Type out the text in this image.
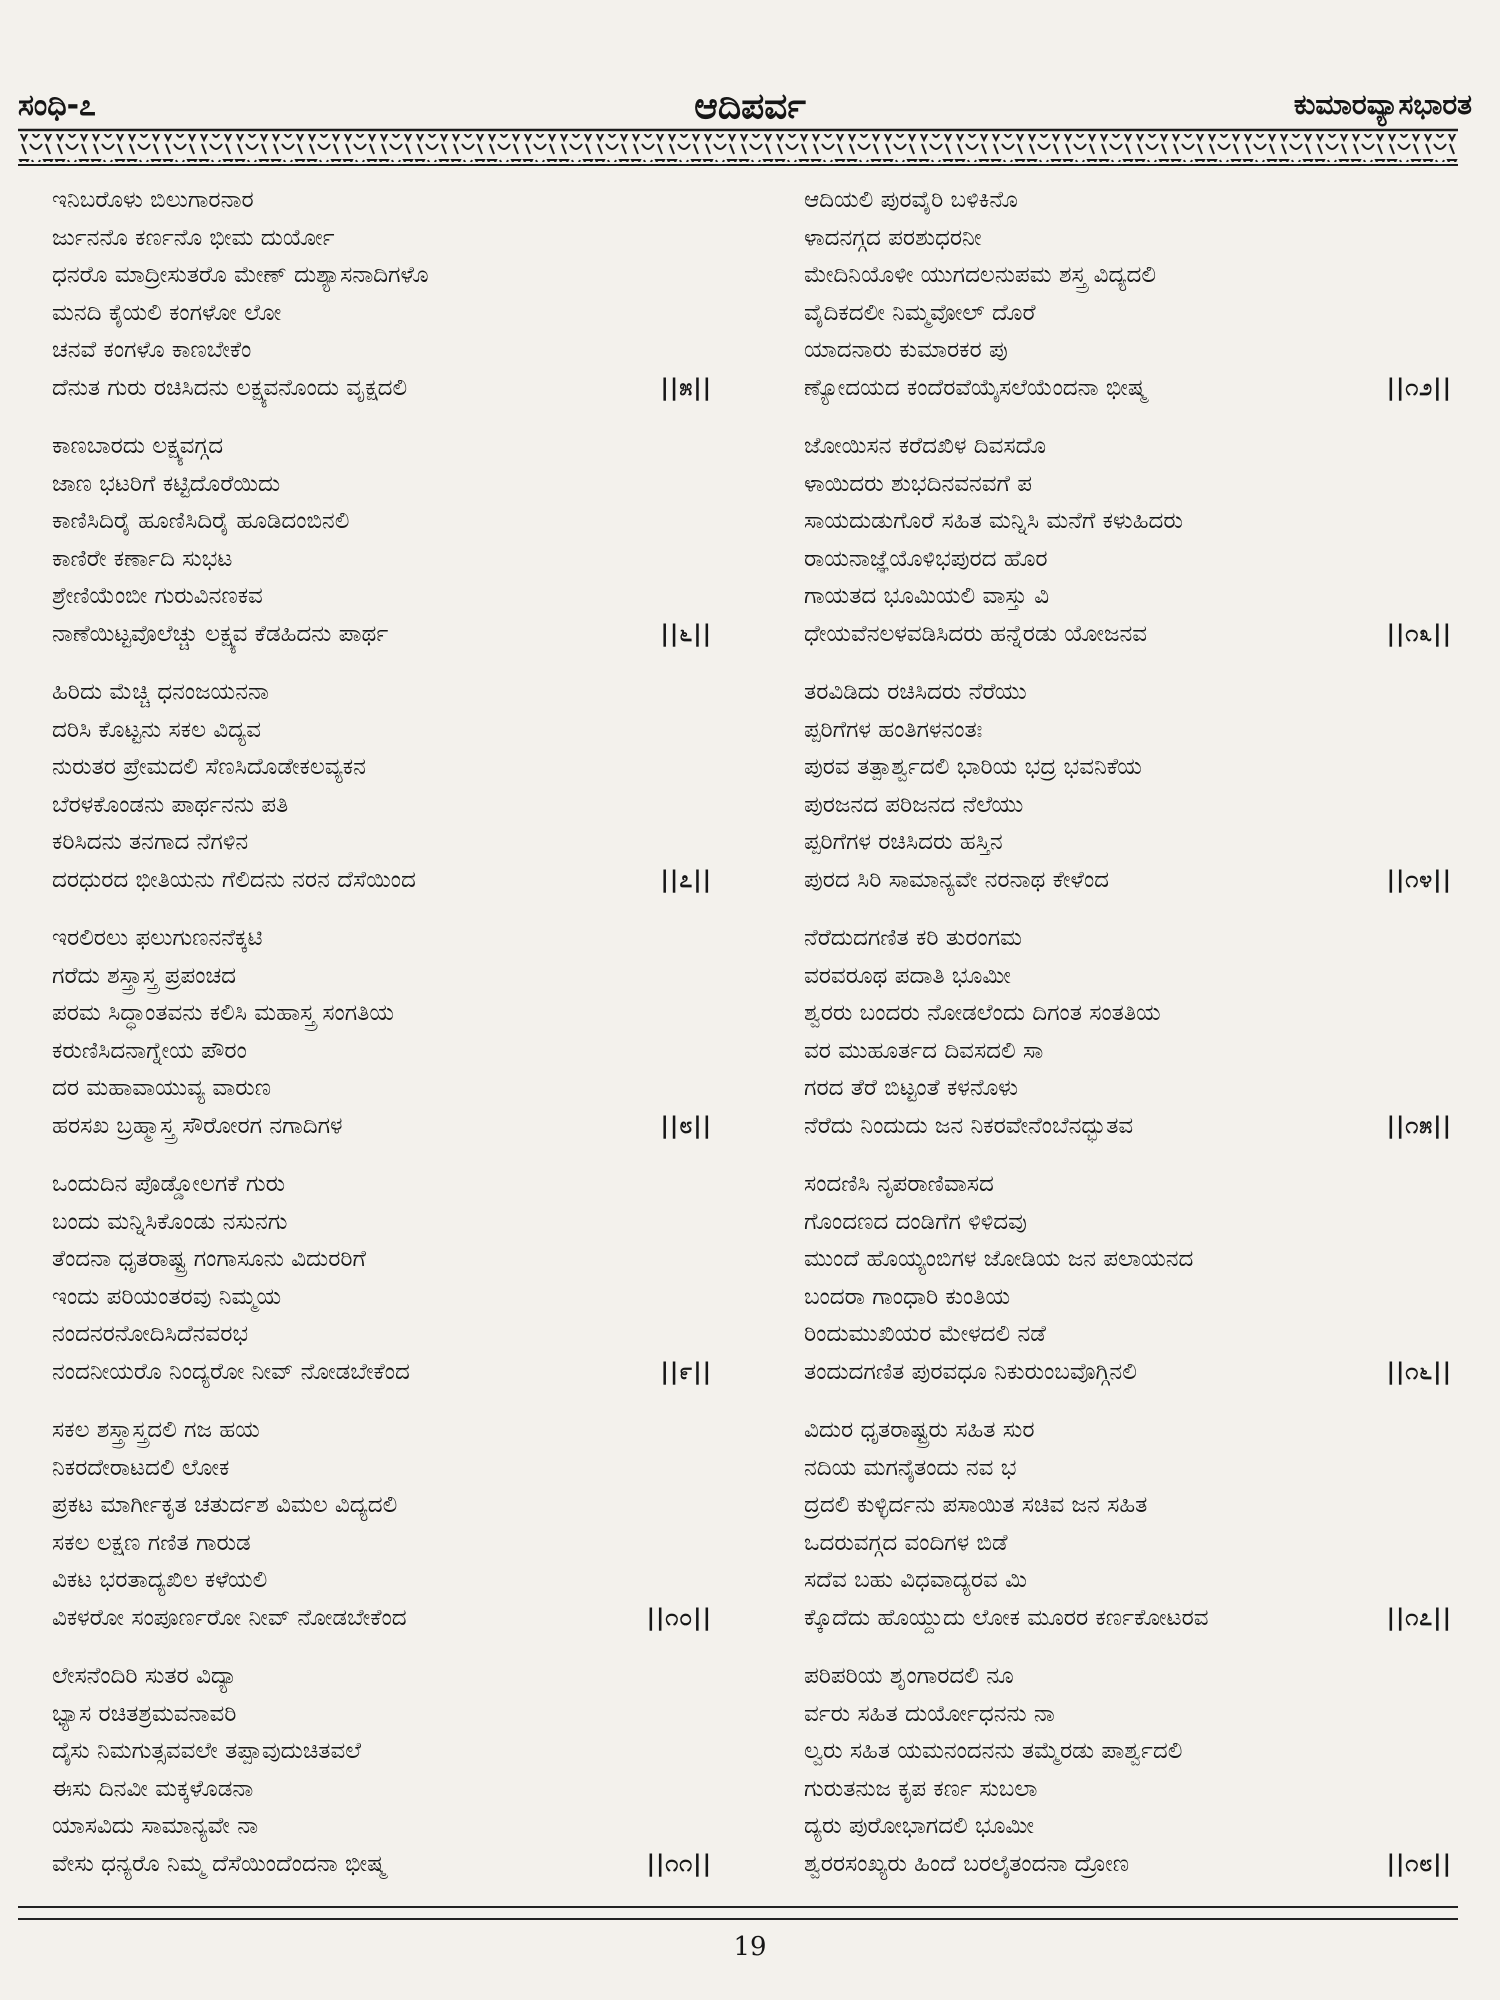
ಸಂಧಿ-೭	ಆದಿಪರ್ವ	ಕುಮಾರವ್ಯಾಸಭಾರತ
ಇನಿಬರೊಳು ಬಿಲುಗಾರನಾರ
ರ್ಜುನನೊ ಕರ್ಣನೊ ಭೀಮ ದುರ್ಯೋ
ಧನರೊ ಮಾದ್ರೀಸುತರೊ ಮೇಣ್ ದುಶ್ಯಾಸನಾದಿಗಳೊ
ಮನದಿ ಕೈಯಲಿ ಕಂಗಳೋ ಲೋ
ಚನವೆ ಕಂಗಳೊ ಕಾಣಬೇಕೆಂ
ದೆನುತ ಗುರು ರಚಿಸಿದನು ಲಕ್ಷ್ಯವನೊಂದು ವೃಕ್ಷದಲಿ	||೫||
ಕಾಣಬಾರದು ಲಕ್ಷ್ಯವಗ್ಗದ
ಜಾಣ ಭಟರಿಗೆ ಕಟ್ಟಿದೊರೆಯಿದು
ಕಾಣಿಸಿದಿರೈ ಹೂಣಿಸಿದಿರೈ ಹೂಡಿದಂಬಿನಲಿ
ಕಾಣಿರೇ ಕರ್ಣಾದಿ ಸುಭಟ
ಶ್ರೇಣಿಯೆಂಬೀ ಗುರುವಿನಣಕವ
ನಾಣೆಯಿಟ್ಟವೊಲೆಚ್ಚು ಲಕ್ಷ್ಯವ ಕೆಡಹಿದನು ಪಾರ್ಥ	||೬||
ಹಿರಿದು ಮೆಚ್ಚಿ ಧನಂಜಯನನಾ
ದರಿಸಿ ಕೊಟ್ಟನು ಸಕಲ ವಿದ್ಯವ
ನುರುತರ ಪ್ರೇಮದಲಿ ಸೆಣಸಿದೊಡೇಕಲವ್ಯಕನ
ಬೆರಳಕೊಂಡನು ಪಾರ್ಥನನು ಪತಿ
ಕರಿಸಿದನು ತನಗಾದ ನೆಗಳಿನ
ದರಧುರದ ಭೀತಿಯನು ಗೆಲಿದನು ನರನ ದೆಸೆಯಿಂದ	||೭||
ಇರಲಿರಲು ಫಲುಗುಣನನೆಕ್ಕಟಿ
ಗರೆದು ಶಸ್ತ್ರಾಸ್ತ್ರ ಪ್ರಪಂಚದ
ಪರಮ ಸಿದ್ಧಾಂತವನು ಕಲಿಸಿ ಮಹಾಸ್ತ್ರ ಸಂಗತಿಯ
ಕರುಣಿಸಿದನಾಗ್ನೇಯ ಪೌರಂ
ದರ ಮಹಾವಾಯುವ್ಯ ವಾರುಣ
ಹರಸಖ ಬ್ರಹ್ಮಾಸ್ತ್ರ ಸೌರೋರಗ ನಗಾದಿಗಳ	||೮||
ಒಂದುದಿನ ಪೊಡ್ಡೋಲಗಕೆ ಗುರು
ಬಂದು ಮನ್ನಿಸಿಕೊಂಡು ನಸುನಗು
ತೆಂದನಾ ಧೃತರಾಷ್ಟ್ರ ಗಂಗಾಸೂನು ವಿದುರರಿಗೆ
ಇಂದು ಪರಿಯಂತರವು ನಿಮ್ಮಯ
ನಂದನರನೋದಿಸಿದೆನವರಭ
ನಂದನೀಯರೊ ನಿಂದ್ಯರೋ ನೀವ್ ನೋಡಬೇಕೆಂದ	||೯||
ಸಕಲ ಶಸ್ತ್ರಾಸ್ತ್ರದಲಿ ಗಜ ಹಯ
ನಿಕರದೇರಾಟದಲಿ ಲೋಕ
ಪ್ರಕಟ ಮಾರ್ಗೀಕೃತ ಚತುರ್ದಶ ವಿಮಲ ವಿದ್ಯದಲಿ
ಸಕಲ ಲಕ್ಷಣ ಗಣಿತ ಗಾರುಡ
ವಿಕಟ ಭರತಾದ್ಯಖಿಲ ಕಳೆಯಲಿ
ವಿಕಳರೋ ಸಂಪೂರ್ಣರೋ ನೀವ್ ನೋಡಬೇಕೆಂದ	||೧೦||
ಲೇಸನೆಂದಿರಿ ಸುತರ ವಿದ್ಯಾ
ಭ್ಯಾಸ ರಚಿತಶ್ರಮವನಾವರಿ
ದೈಸು ನಿಮಗುತ್ಸವವಲೇ ತಪ್ಪಾವುದುಚಿತವಲೆ
ಈಸು ದಿನವೀ ಮಕ್ಕಳೊಡನಾ
ಯಾಸವಿದು ಸಾಮಾನ್ಯವೇ ನಾ
ವೇಸು ಧನ್ಯರೊ ನಿಮ್ಮ ದೆಸೆಯಿಂದೆಂದನಾ ಭೀಷ್ಮ	||೧೧||
ಆದಿಯಲಿ ಪುರವೈರಿ ಬಳಿಕಿನೊ
ಳಾದನಗ್ಗದ ಪರಶುಧರನೀ
ಮೇದಿನಿಯೊಳೀ ಯುಗದಲನುಪಮ ಶಸ್ತ್ರ ವಿದ್ಯದಲಿ
ವೈದಿಕದಲೀ ನಿಮ್ಮವೋಲ್ ದೊರೆ
ಯಾದನಾರು ಕುಮಾರಕರ ಪು
ಣ್ಯೋದಯದ ಕಂದೆರವೆಯೈಸಲೆಯೆಂದನಾ ಭೀಷ್ಮ	||೧೨||
ಜೋಯಿಸನ ಕರೆದಖಿಳ ದಿವಸದೊ
ಳಾಯಿದರು ಶುಭದಿನವನವಗೆ ಪ
ಸಾಯದುಡುಗೊರೆ ಸಹಿತ ಮನ್ನಿಸಿ ಮನೆಗೆ ಕಳುಹಿದರು
ರಾಯನಾಜ್ಞೆಯೊಳಿಭಪುರದ ಹೊರ
ಗಾಯತದ ಭೂಮಿಯಲಿ ವಾಸ್ತು ವಿ
ಧೇಯವೆನಲಳವಡಿಸಿದರು ಹನ್ನೆರಡು ಯೋಜನವ	||೧೩||
ತರವಿಡಿದು ರಚಿಸಿದರು ನೆರೆಯು
ಪ್ಪರಿಗೆಗಳ ಹಂತಿಗಳನಂತಃ
ಪುರವ ತತ್ಪಾರ್ಶ್ವದಲಿ ಭಾರಿಯ ಭದ್ರ ಭವನಿಕೆಯ
ಪುರಜನದ ಪರಿಜನದ ನೆಲೆಯು
ಪ್ಪರಿಗೆಗಳ ರಚಿಸಿದರು ಹಸ್ತಿನ
ಪುರದ ಸಿರಿ ಸಾಮಾನ್ಯವೇ ನರನಾಥ ಕೇಳೆಂದ	||೧೪||
ನೆರೆದುದಗಣಿತ ಕರಿ ತುರಂಗಮ
ವರವರೂಥ ಪದಾತಿ ಭೂಮೀ
ಶ್ವರರು ಬಂದರು ನೋಡಲೆಂದು ದಿಗಂತ ಸಂತತಿಯ
ವರ ಮುಹೂರ್ತದ ದಿವಸದಲಿ ಸಾ
ಗರದ ತೆರೆ ಬಿಟ್ಟಂತೆ ಕಳನೊಳು
ನೆರೆದು ನಿಂದುದು ಜನ ನಿಕರವೇನೆಂಬೆನದ್ಭುತವ	||೧೫||
ಸಂದಣಿಸಿ ನೃಪರಾಣಿವಾಸದ
ಗೊಂದಣದ ದಂಡಿಗೆಗ ಳಿಳಿದವು
ಮುಂದೆ ಹೊಯ್ಯಂಬಿಗಳ ಜೋಡಿಯ ಜನ ಪಲಾಯನದ
ಬಂದರಾ ಗಾಂಧಾರಿ ಕುಂತಿಯ
ರಿಂದುಮುಖಿಯರ ಮೇಳದಲಿ ನಡೆ
ತಂದುದಗಣಿತ ಪುರವಧೂ ನಿಕುರುಂಬವೊಗ್ಗಿನಲಿ	||೧೬||
ವಿದುರ ಧೃತರಾಷ್ಟ್ರರು ಸಹಿತ ಸುರ
ನದಿಯ ಮಗನೈತಂದು ನವ ಭ
ದ್ರದಲಿ ಕುಳ್ಳಿರ್ದನು ಪಸಾಯಿತ ಸಚಿವ ಜನ ಸಹಿತ
ಒದರುವಗ್ಗದ ವಂದಿಗಳ ಬಿಡೆ
ಸದೆವ ಬಹು ವಿಧವಾದ್ಯರವ ಮಿ
ಕ್ಕೊದೆದು ಹೊಯ್ದುದು ಲೋಕ ಮೂರರ ಕರ್ಣಕೋಟರವ	||೧೭||
ಪರಿಪರಿಯ ಶೃಂಗಾರದಲಿ ನೂ
ರ್ವರು ಸಹಿತ ದುರ್ಯೋಧನನು ನಾ
ಲ್ವರು ಸಹಿತ ಯಮನಂದನನು ತಮ್ಮೆರಡು ಪಾರ್ಶ್ವದಲಿ
ಗುರುತನುಜ ಕೃಪ ಕರ್ಣ ಸುಬಲಾ
ದ್ಯರು ಪುರೋಭಾಗದಲಿ ಭೂಮೀ
ಶ್ವರರಸಂಖ್ಯರು ಹಿಂದೆ ಬರಲೈತಂದನಾ ದ್ರೋಣ	||೧೮||
19
